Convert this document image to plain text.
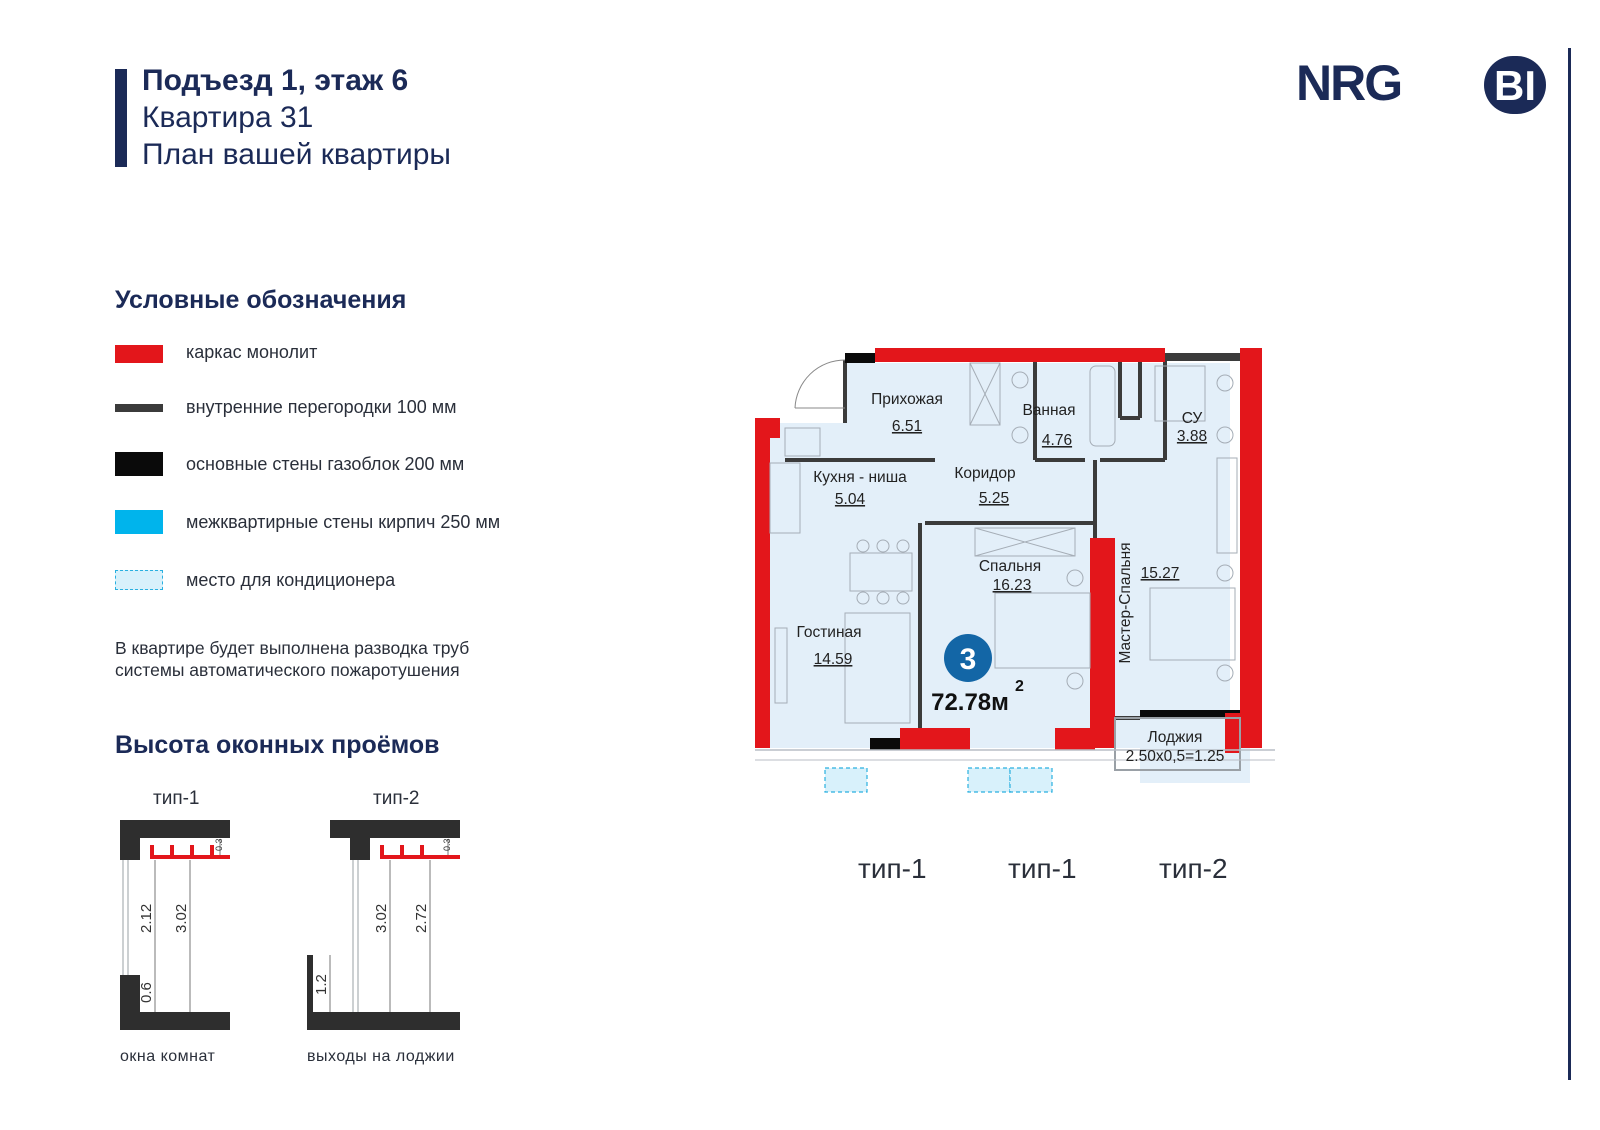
Подъезд 1, этаж 6
Квартира 31
План вашей квартиры
NRG BI
Условные обозначения
каркас монолит
внутренние перегородки 100 мм
основные стены газоблок 200 мм
межквартирные стены кирпич 250 мм
место для кондиционера
В квартире будет выполнена разводка труб
системы автоматического пожаротушения
Высота оконных проёмов
тип-1	тип-2
0.3
2.12 3.02
0.6
0.3
3.02 2.72
1.2
окна комнат	выходы на лоджии
Прихожая
6.51
Ванная
4.76
СУ
3.88
Кухня - ниша
5.04
Коридор
5.25
Спальня
16.23	Мастер-Спальня 15.27
Гостиная
14.59
Лоджия
2.50x0,5=1.25
3
72.78м
2
тип-1	тип-1	тип-2
